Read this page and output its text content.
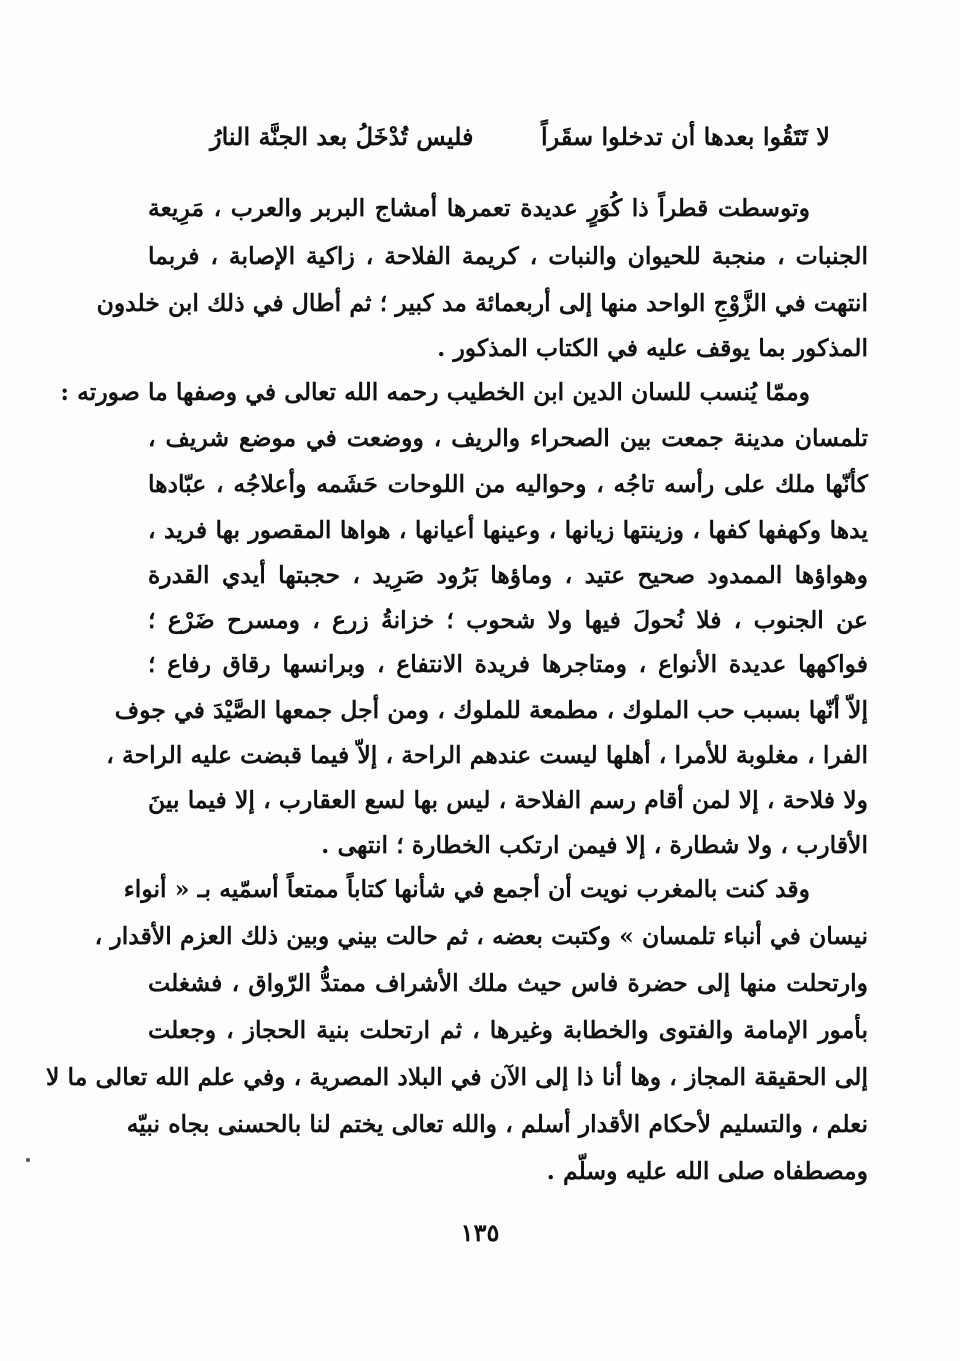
لا تَتَقُوا بعدها أن تدخلوا سقَراً
فليس تُدْخَلُ بعد الجنَّة النارُ
وتوسطت قطراً ذا كُوَرٍ عديدة تعمرها أمشاج البربر والعرب ، مَرِيعة
الجنبات ، منجبة للحيوان والنبات ، كريمة الفلاحة ، زاكية الإصابة ، فربما
انتهت في الزَّوْجِ الواحد منها إلى أربعمائة مد كبير ؛ ثم أطال في ذلك ابن خلدون
المذكور بما يوقف عليه في الكتاب المذكور .
وممّا يُنسب للسان الدين ابن الخطيب رحمه الله تعالى في وصفها ما صورته :
تلمسان مدينة جمعت بين الصحراء والريف ، ووضعت في موضع شريف ،
كأنّها ملك على رأسه تاجُه ، وحواليه من اللوحات حَشَمه وأعلاجُه ، عبّادها
يدها وكهفها كفها ، وزينتها زيانها ، وعينها أعيانها ، هواها المقصور بها فريد ،
وهواؤها الممدود صحيح عتيد ، وماؤها بَرُود صَرِيد ، حجبتها أيدي القدرة
عن الجنوب ، فلا نُحولَ فيها ولا شحوب ؛ خزانةُ زرع ، ومسرح ضَرْع ؛
فواكهها عديدة الأنواع ، ومتاجرها فريدة الانتفاع ، وبرانسها رقاق رفاع ؛
إلاّ أنّها بسبب حب الملوك ، مطمعة للملوك ، ومن أجل جمعها الصَّيْدَ في جوف
الفرا ، مغلوبة للأمرا ، أهلها ليست عندهم الراحة ، إلاّ فيما قبضت عليه الراحة ،
ولا فلاحة ، إلا لمن أقام رسم الفلاحة ، ليس بها لسع العقارب ، إلا فيما بينَ
الأقارب ، ولا شطارة ، إلا فيمن ارتكب الخطارة ؛ انتهى .
وقد كنت بالمغرب نويت أن أجمع في شأنها كتاباً ممتعاً أسمّيه بـ « أنواء
نيسان في أنباء تلمسان » وكتبت بعضه ، ثم حالت بيني وبين ذلك العزم الأقدار ،
وارتحلت منها إلى حضرة فاس حيث ملك الأشراف ممتدُّ الرّواق ، فشغلت
بأمور الإمامة والفتوى والخطابة وغيرها ، ثم ارتحلت بنية الحجاز ، وجعلت
إلى الحقيقة المجاز ، وها أنا ذا إلى الآن في البلاد المصرية ، وفي علم الله تعالى ما لا
نعلم ، والتسليم لأحكام الأقدار أسلم ، والله تعالى يختم لنا بالحسنى بجاه نبيّه
ومصطفاه صلى الله عليه وسلّم .
١٣٥
